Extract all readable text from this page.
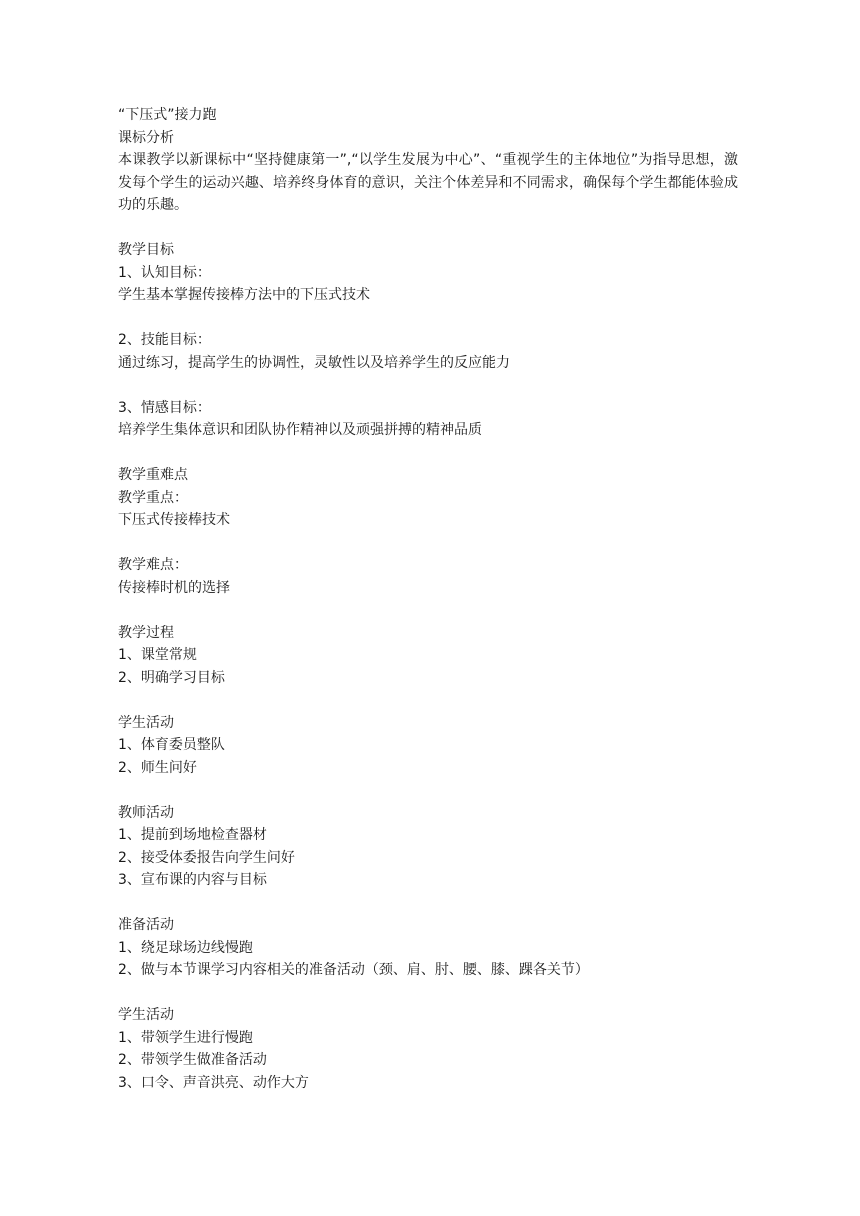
“下压式”接力跑
课标分析
本课教学以新课标中“坚持健康第一”,“以学生发展为中心”、“重视学生的主体地位”为指导思想，激发每个学生的运动兴趣、培养终身体育的意识，关注个体差异和不同需求，确保每个学生都能体验成功的乐趣。
教学目标
1、认知目标：
学生基本掌握传接棒方法中的下压式技术
2、技能目标：
通过练习，提高学生的协调性，灵敏性以及培养学生的反应能力
3、情感目标：
培养学生集体意识和团队协作精神以及顽强拼搏的精神品质
教学重难点
教学重点：
下压式传接棒技术
教学难点：
传接棒时机的选择
教学过程
1、课堂常规
2、明确学习目标
学生活动
1、体育委员整队
2、师生问好
教师活动
1、提前到场地检查器材
2、接受体委报告向学生问好
3、宣布课的内容与目标
准备活动
1、绕足球场边线慢跑
2、做与本节课学习内容相关的准备活动（颈、肩、肘、腰、膝、踝各关节）
学生活动
1、带领学生进行慢跑
2、带领学生做准备活动
3、口令、声音洪亮、动作大方
